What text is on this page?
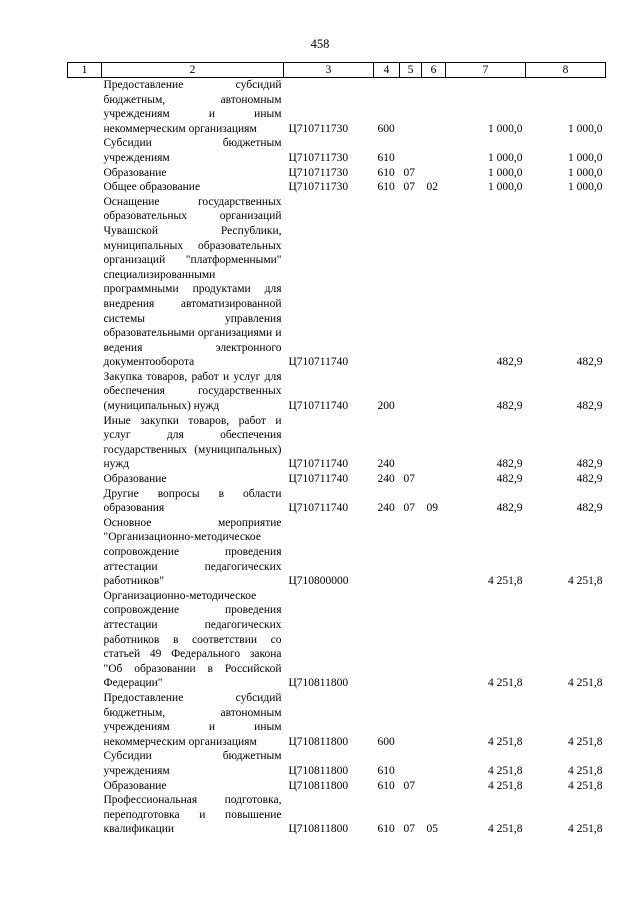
458
1	2	3	4	5	6	7	8
	Предоставление субсидий бюджетным, автономным учреждениям и иным некоммерческим организациям	Ц710711730	600			1 000,0	1 000,0
	Субсидии бюджетным учреждениям	Ц710711730	610			1 000,0	1 000,0
	Образование	Ц710711730	610	07		1 000,0	1 000,0
	Общее образование	Ц710711730	610	07	02	1 000,0	1 000,0
	Оснащение государственных образовательных организаций Чувашской Республики, муниципальных образовательных организаций "платформенными" специализированными программными продуктами для внедрения автоматизированной системы управления образовательными организациями и ведения электронного документооборота	Ц710711740				482,9	482,9
	Закупка товаров, работ и услуг для обеспечения государственных (муниципальных) нужд	Ц710711740	200			482,9	482,9
	Иные закупки товаров, работ и услуг для обеспечения государственных (муниципальных) нужд	Ц710711740	240			482,9	482,9
	Образование	Ц710711740	240	07		482,9	482,9
	Другие вопросы в области образования	Ц710711740	240	07	09	482,9	482,9
	Основное мероприятие "Организационно-методическое сопровождение проведения аттестации педагогических работников"	Ц710800000				4 251,8	4 251,8
	Организационно-методическое сопровождение проведения аттестации педагогических работников в соответствии со статьей 49 Федерального закона "Об образовании в Российской Федерации"	Ц710811800				4 251,8	4 251,8
	Предоставление субсидий бюджетным, автономным учреждениям и иным некоммерческим организациям	Ц710811800	600			4 251,8	4 251,8
	Субсидии бюджетным учреждениям	Ц710811800	610			4 251,8	4 251,8
	Образование	Ц710811800	610	07		4 251,8	4 251,8
	Профессиональная подготовка, переподготовка и повышение квалификации	Ц710811800	610	07	05	4 251,8	4 251,8
